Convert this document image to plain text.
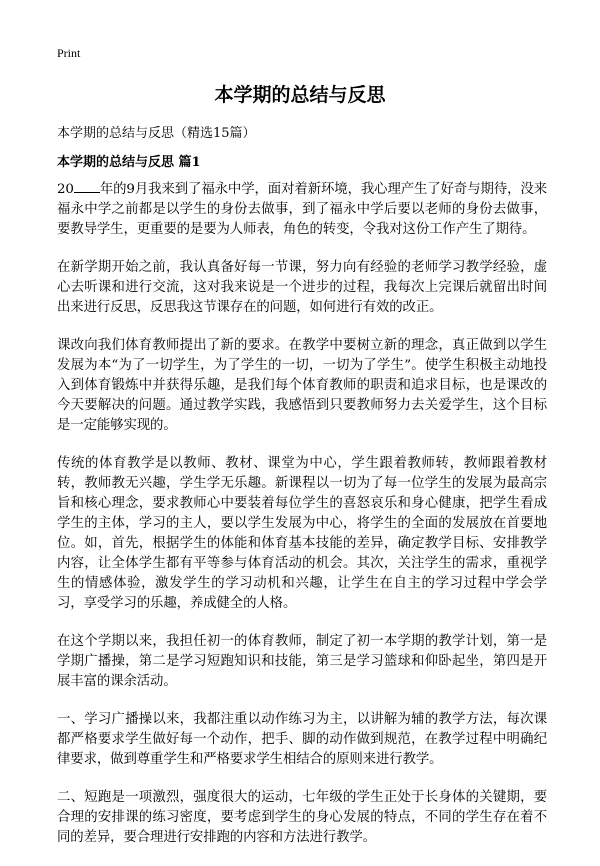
Print
本学期的总结与反思

本学期的总结与反思（精选15篇）

本学期的总结与反思 篇1

20 年的9月我来到了福永中学，面对着新环境，我心理产生了好奇与期待，没来福永中学之前都是以学生的身份去做事，到了福永中学后要以老师的身份去做事，要教导学生，更重要的是要为人师表，角色的转变，令我对这份工作产生了期待。

在新学期开始之前，我认真备好每一节课，努力向有经验的老师学习教学经验，虚心去听课和进行交流，这对我来说是一个进步的过程，我每次上完课后就留出时间出来进行反思，反思我这节课存在的问题，如何进行有效的改正。

课改向我们体育教师提出了新的要求。在教学中要树立新的理念，真正做到以学生发展为本“为了一切学生，为了学生的一切，一切为了学生”。使学生积极主动地投入到体育锻炼中并获得乐趣，是我们每个体育教师的职责和追求目标，也是课改的今天要解决的问题。通过教学实践，我感悟到只要教师努力去关爱学生，这个目标是一定能够实现的。

传统的体育教学是以教师、教材、课堂为中心，学生跟着教师转，教师跟着教材转，教师教无兴趣，学生学无乐趣。新课程以一切为了每一位学生的发展为最高宗旨和核心理念，要求教师心中要装着每位学生的喜怒哀乐和身心健康，把学生看成学生的主体，学习的主人，要以学生发展为中心，将学生的全面的发展放在首要地位。如，首先，根据学生的体能和体育基本技能的差异，确定教学目标、安排教学内容，让全体学生都有平等参与体育活动的机会。其次，关注学生的需求，重视学生的情感体验，激发学生的学习动机和兴趣，让学生在自主的学习过程中学会学习，享受学习的乐趣，养成健全的人格。

在这个学期以来，我担任初一的体育教师，制定了初一本学期的教学计划，第一是学期广播操，第二是学习短跑知识和技能，第三是学习篮球和仰卧起坐，第四是开展丰富的课余活动。

一、学习广播操以来，我都注重以动作练习为主，以讲解为辅的教学方法，每次课都严格要求学生做好每一个动作，把手、脚的动作做到规范，在教学过程中明确纪律要求，做到尊重学生和严格要求学生相结合的原则来进行教学。

二、短跑是一项激烈，强度很大的运动，七年级的学生正处于长身体的关键期，要合理的安排课的练习密度，要考虑到学生的身心发展的特点，不同的学生存在着不同的差异，要合理进行安排跑的内容和方法进行教学。
